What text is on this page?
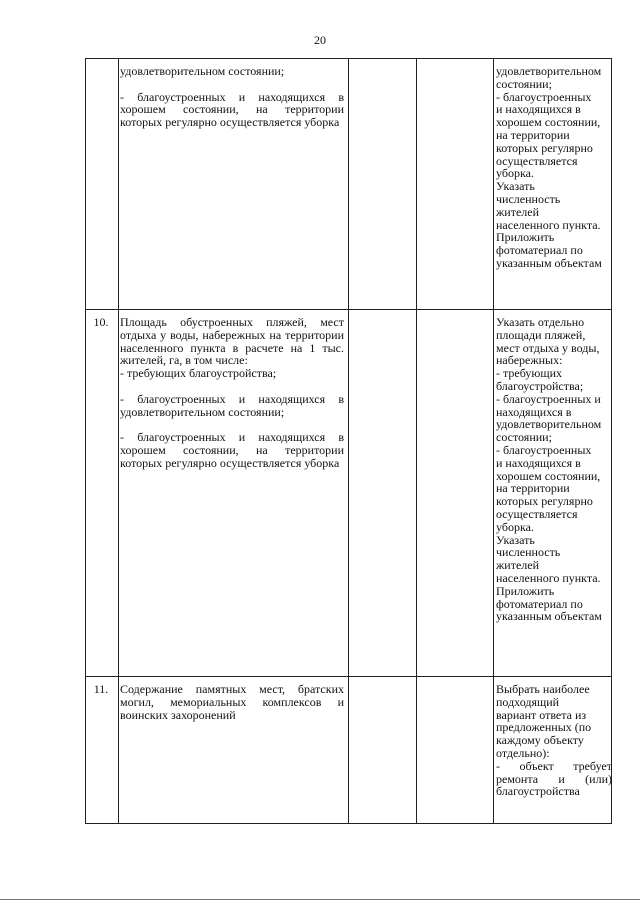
20

удовлетворительном состоянии;

- благоустроенных и находящихся в хорошем состоянии, на территории которых регулярно осуществляется уборка

удовлетворительном

состоянии;

- благоустроенных

и находящихся в

хорошем состоянии,

на территории

которых регулярно

осуществляется

уборка.

Указать

численность

жителей

населенного пункта.

Приложить

фотоматериал по

указанным объектам

10. Площадь обустроенных пляжей, мест отдыха у воды, набережных на территории населенного пункта в расчете на 1 тыс. жителей, га, в том числе:

- требующих благоустройства;

- благоустроенных и находящихся в удовлетворительном состоянии;

- благоустроенных и находящихся в хорошем состоянии, на территории которых регулярно осуществляется уборка

Указать отдельно

площади пляжей,

мест отдыха у воды,

набережных:

- требующих

благоустройства;

- благоустроенных и

находящихся в

удовлетворительном

состоянии;

- благоустроенных

и находящихся в

хорошем состоянии,

на территории

которых регулярно

осуществляется

уборка.

Указать

численность

жителей

населенного пункта.

Приложить

фотоматериал по

указанным объектам

11. Содержание памятных мест, братских могил, мемориальных комплексов и воинских захоронений

Выбрать наиболее

подходящий

вариант ответа из

предложенных (по

каждому объекту

отдельно):

- объект требует

ремонта и (или)

благоустройства
